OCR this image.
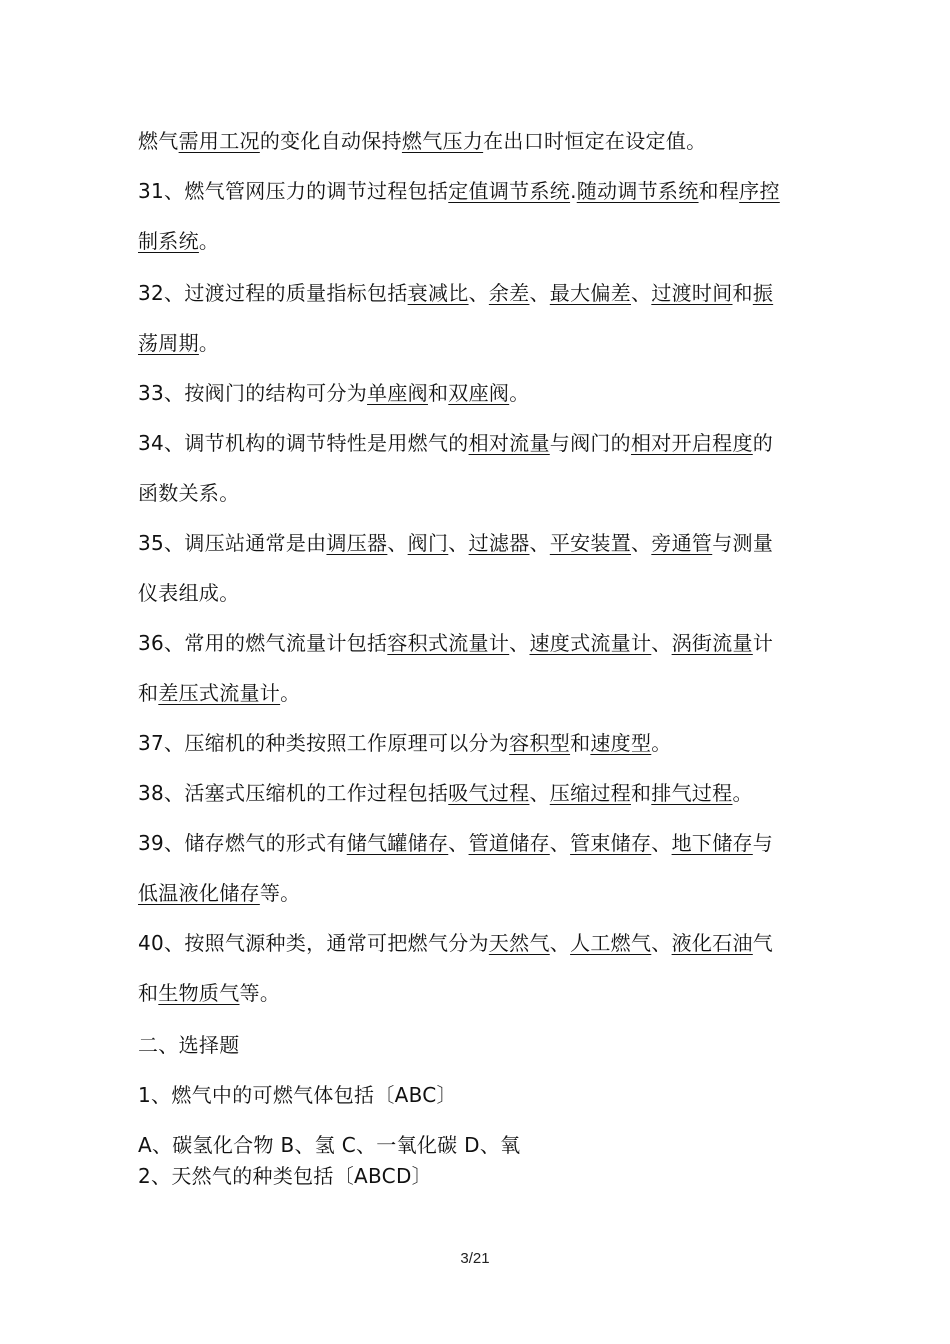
燃气需用工况的变化自动保持燃气压力在出口时恒定在设定值。
31、燃气管网压力的调节过程包括定值调节系统.随动调节系统和程序控
制系统。
32、过渡过程的质量指标包括衰减比、余差、最大偏差、过渡时间和振
荡周期。
33、按阀门的结构可分为单座阀和双座阀。
34、调节机构的调节特性是用燃气的相对流量与阀门的相对开启程度的
函数关系。
35、调压站通常是由调压器、阀门、过滤器、平安装置、旁通管与测量
仪表组成。
36、常用的燃气流量计包括容积式流量计、速度式流量计、涡街流量计
和差压式流量计。
37、压缩机的种类按照工作原理可以分为容积型和速度型。
38、活塞式压缩机的工作过程包括吸气过程、压缩过程和排气过程。
39、储存燃气的形式有储气罐储存、管道储存、管束储存、地下储存与
低温液化储存等。
40、按照气源种类，通常可把燃气分为天然气、人工燃气、液化石油气
和生物质气等。
二、选择题
1、燃气中的可燃气体包括〔ABC〕
A、碳氢化合物 B、氢 C、一氧化碳 D、氧
2、天然气的种类包括〔ABCD〕
3/21
